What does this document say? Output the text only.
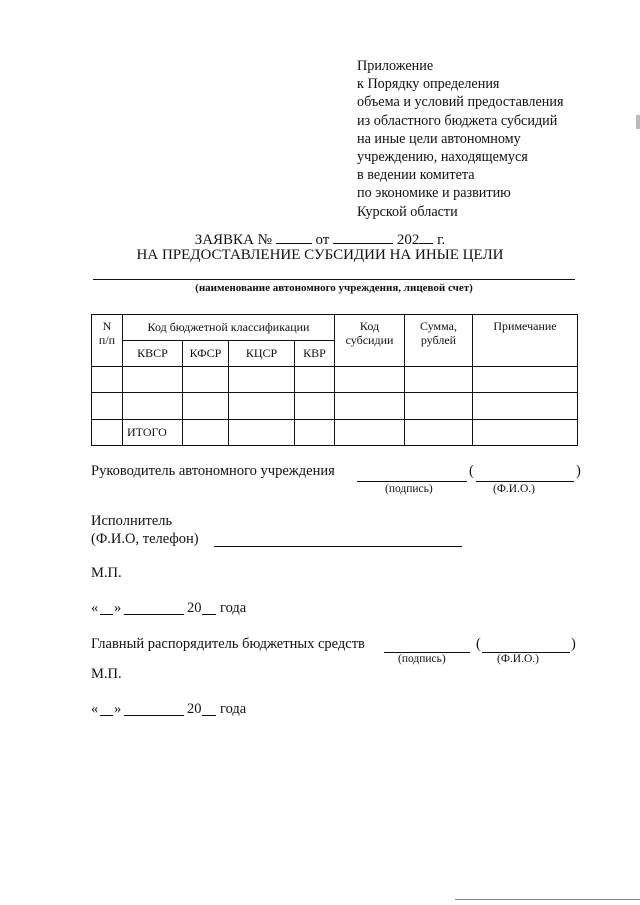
Приложение
к Порядку определения
объема и условий предоставления
из областного бюджета субсидий
на иные цели автономному
учреждению, находящемуся
в ведении комитета
по экономике и развитию
Курской области
ЗАЯВКА №	от	202 г.
НА ПРЕДОСТАВЛЕНИЕ СУБСИДИИ НА ИНЫЕ ЦЕЛИ
(наименование автономного учреждения, лицевой счет)
N п/п	Код бюджетной классификации				Код субсидии	Сумма, рублей	Примечание
	КВСР	КФСР	КЦСР	КВР			

	ИТОГО						
Руководитель автономного учреждения	(	)
(подпись)	(Ф.И.О.)
Исполнитель
(Ф.И.О, телефон)
М.П.
« »	20 года
Главный распорядитель бюджетных средств	(	)
(подпись)	(Ф.И.О.)
М.П.
« »	20 года
